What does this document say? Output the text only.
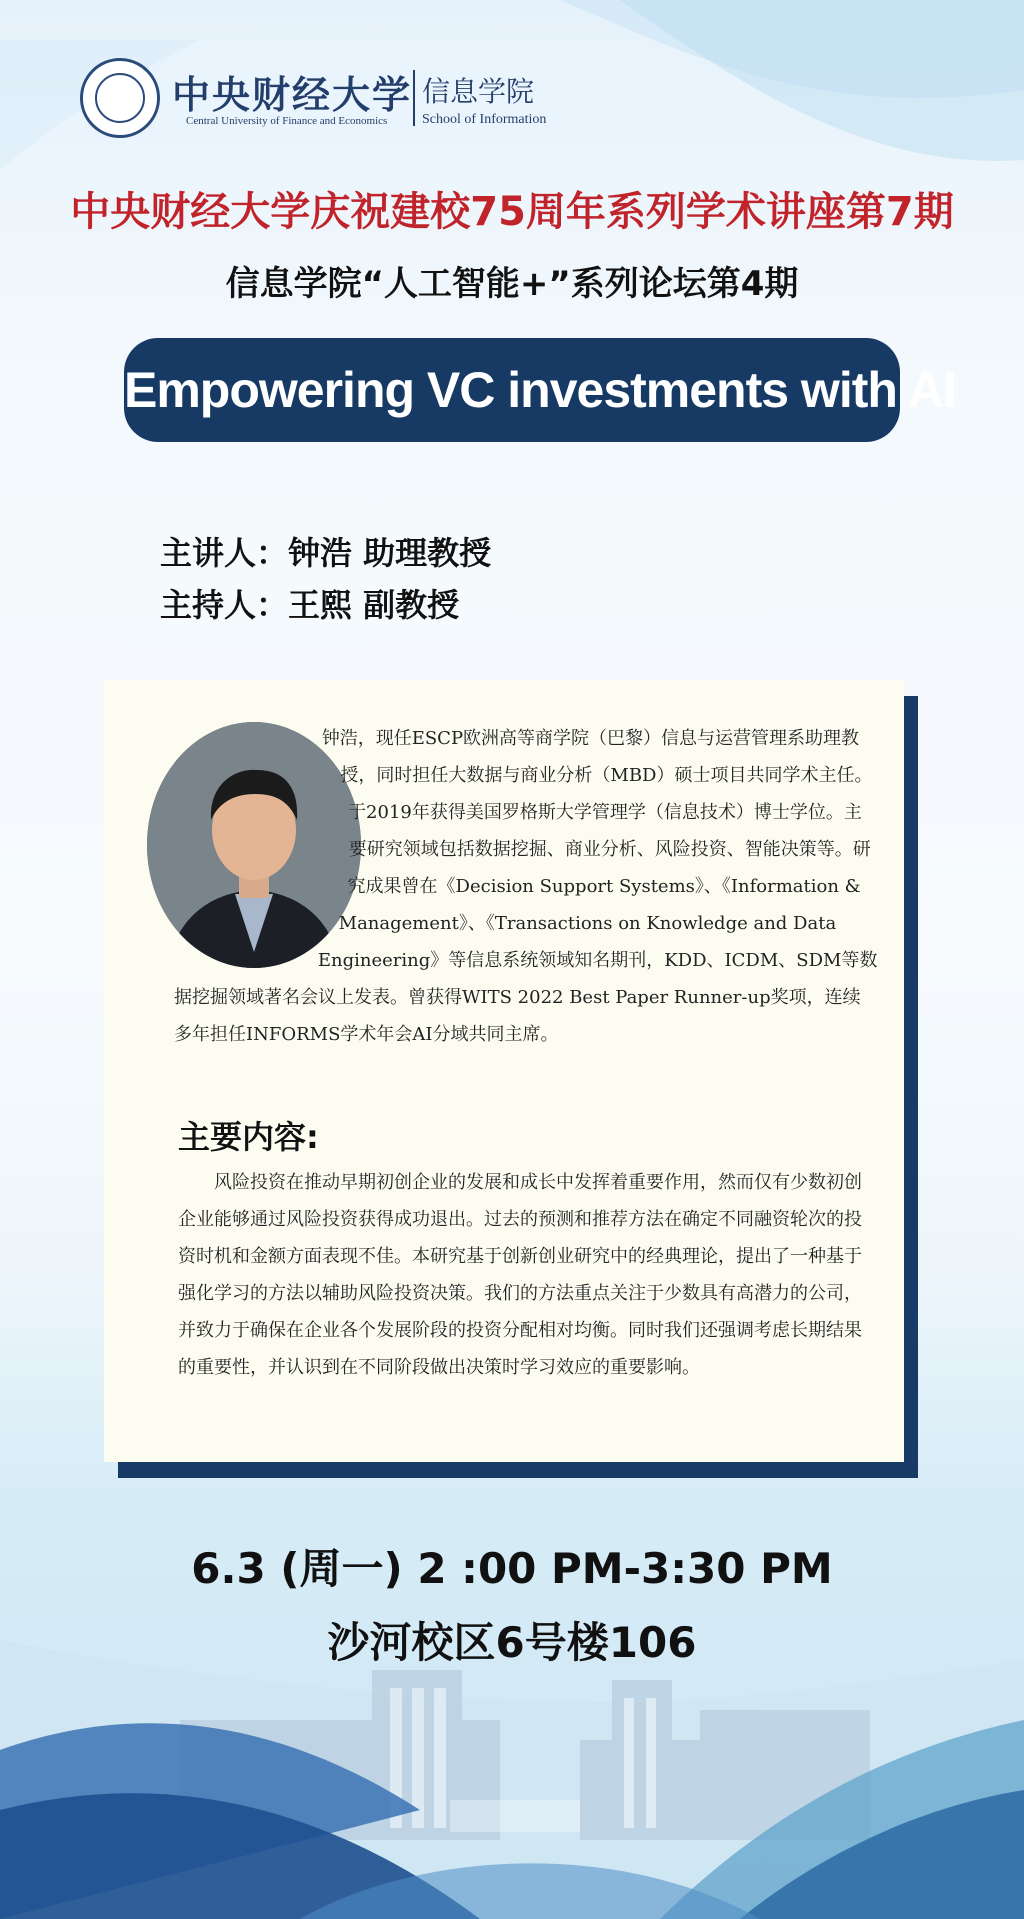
中央财经大学
Central University of Finance and Economics
信息学院
School of Information
中央财经大学庆祝建校75周年系列学术讲座第7期
信息学院“人工智能+”系列论坛第4期
Empowering VC investments with AI
主讲人：钟浩 助理教授
主持人：王熙 副教授
钟浩，现任ESCP欧洲高等商学院（巴黎）信息与运营管理系助理教授，同时担任大数据与商业分析（MBD）硕士项目共同学术主任。于2019年获得美国罗格斯大学管理学（信息技术）博士学位。主要研究领域包括数据挖掘、商业分析、风险投资、智能决策等。研究成果曾在《Decision Support Systems》、《Information & Management》、《Transactions on Knowledge and Data Engineering》等信息系统领域知名期刊，KDD、ICDM、SDM等数据挖掘领域著名会议上发表。曾获得WITS 2022 Best Paper Runner-up奖项，连续多年担任INFORMS学术年会AI分域共同主席。
主要内容:
风险投资在推动早期初创企业的发展和成长中发挥着重要作用，然而仅有少数初创企业能够通过风险投资获得成功退出。过去的预测和推荐方法在确定不同融资轮次的投资时机和金额方面表现不佳。本研究基于创新创业研究中的经典理论，提出了一种基于强化学习的方法以辅助风险投资决策。我们的方法重点关注于少数具有高潜力的公司，并致力于确保在企业各个发展阶段的投资分配相对均衡。同时我们还强调考虑长期结果的重要性，并认识到在不同阶段做出决策时学习效应的重要影响。
6.3 (周一) 2 :00 PM-3:30 PM
沙河校区6号楼106
